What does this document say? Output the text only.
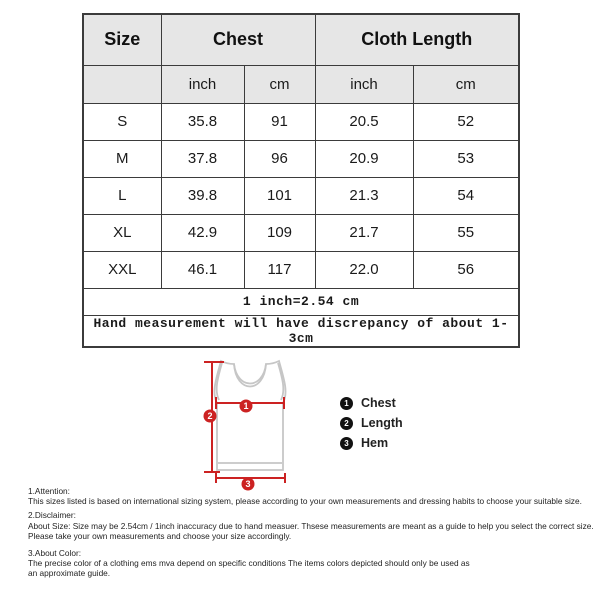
Size	Chest		Cloth Length	
	inch	cm	inch	cm
S	35.8	91	20.5	52
M	37.8	96	20.9	53
L	39.8	101	21.3	54
XL	42.9	109	21.7	55
XXL	46.1	117	22.0	56
1 inch=2.54 cm				
Hand measurement will have discrepancy of about 1-3cm				
1
2
3
1 Chest
2 Length
3 Hem
1.Attention:
This sizes listed is based on international sizing system, please according to your own measurements and dressing habits to choose your suitable size.
2.Disclaimer:
About Size: Size may be 2.54cm / 1inch inaccuracy due to hand measuer. Thsese measurements are meant as a guide to help you select the correct size.
Please take your own measurements and choose your size accordingly.
3.About Color:
The precise color of a clothing ems mva depend on specific conditions The items colors depicted should only be used as
an approximate guide.
